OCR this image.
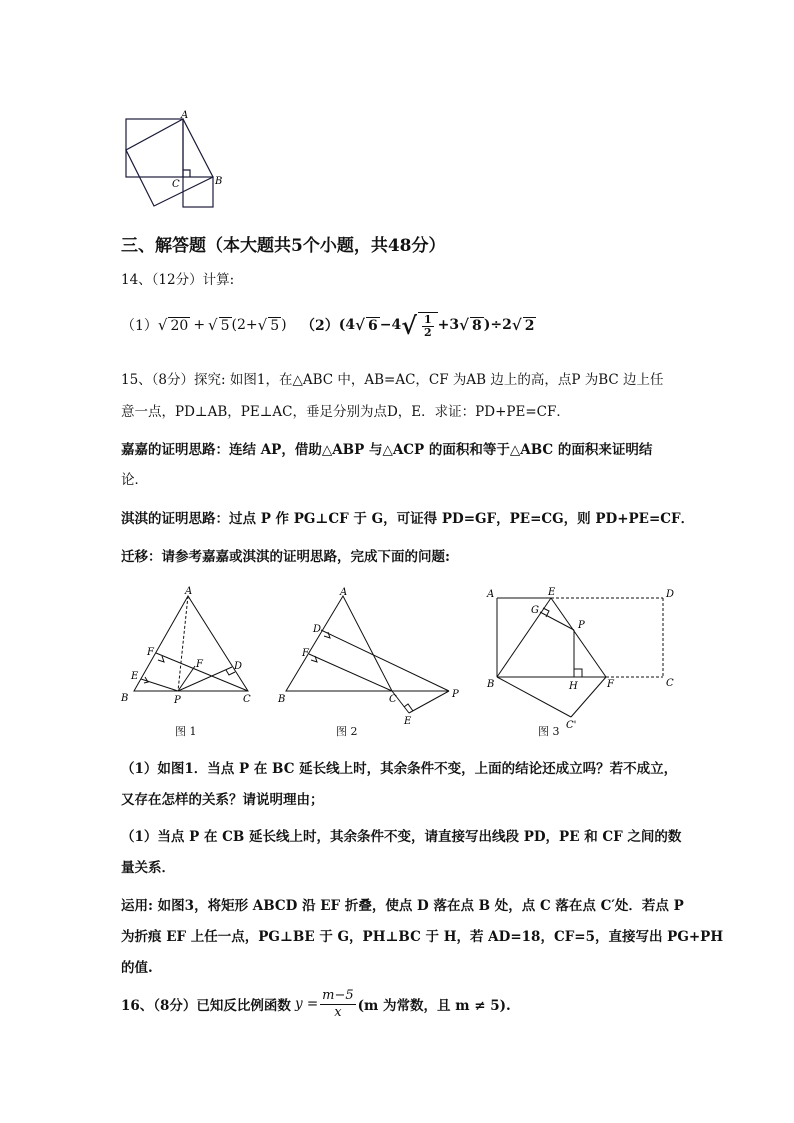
A
C	B
三、解答题（本大题共5个小题，共48分）
14、（12分）计算:
（1） √ 20 + √ 5 (2+ √ 5 ) （2） (4 √ 6 −4 √ $\frac{1}{2} +3$ √ 8 )÷2 √ 2
15、（8分）探究: 如图1，在△ABC 中，AB=AC，CF 为AB 边上的高，点P 为BC 边上任
意一点，PD⊥AB，PE⊥AC，垂足分别为点D，E．求证：PD+PE=CF．
嘉嘉的证明思路：连结 AP，借助△ABP 与△ACP 的面积和等于△ABC 的面积来证明结
论．
淇淇的证明思路：过点 P 作 PG⊥CF 于 G，可证得 PD=GF，PE=CG，则 PD+PE=CF．
迁移：请参考嘉嘉或淇淇的证明思路，完成下面的问题:
A
B	C
D
E
F
F
P
图 1
A
B	C
D
F
E
P
图 2
A
B	C
D
E
F
G
H
P
C'
图 3
（1）如图1．当点 P 在 BC 延长线上时，其余条件不变，上面的结论还成立吗？若不成立，
又存在怎样的关系？请说明理由；
（1）当点 P 在 CB 延长线上时，其余条件不变，请直接写出线段 PD，PE 和 CF 之间的数
量关系．
运用: 如图3，将矩形 ABCD 沿 EF 折叠，使点 D 落在点 B 处，点 C 落在点 C′处．若点 P
为折痕 EF 上任一点，PG⊥BE 于 G，PH⊥BC 于 H，若 AD=18，CF=5，直接写出 PG+PH
的值.
16、（8分）已知反比例函数 $y = \frac{m-5}{x} (m$ 为常数，且 m ≠ 5).
